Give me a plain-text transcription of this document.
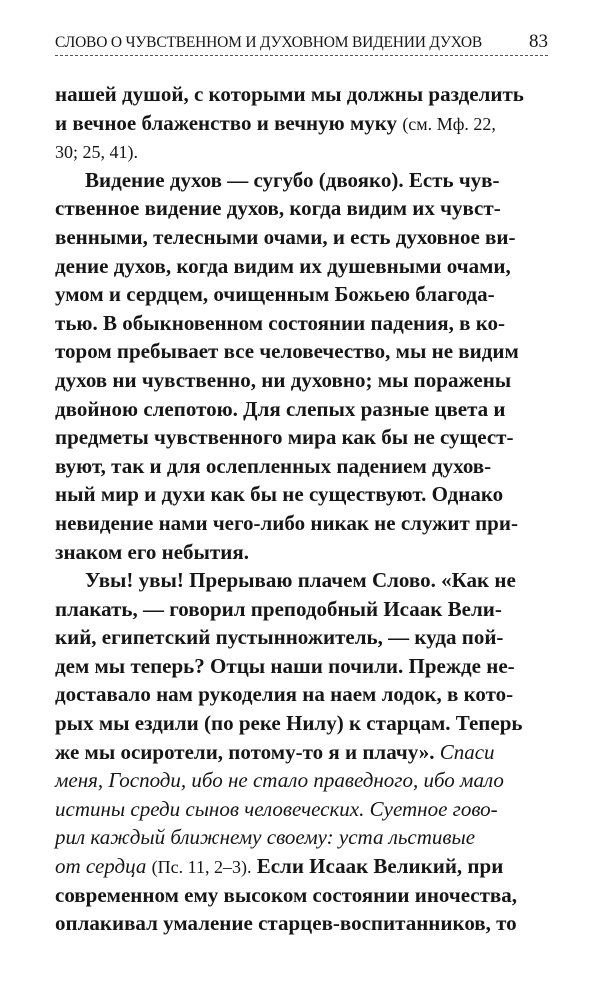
СЛОВО О ЧУВСТВЕННОМ И ДУХОВНОМ ВИДЕНИИ ДУХОВ 83
нашей душой, с которыми мы должны разделить
и вечное блаженство и вечную муку (см. Мф. 22,
30; 25, 41).
Видение духов — сугубо (двояко). Есть чув-
ственное видение духов, когда видим их чувст-
венными, телесными очами, и есть духовное ви-
дение духов, когда видим их душевными очами,
умом и сердцем, очищенным Божьею благода-
тью. В обыкновенном состоянии падения, в ко-
тором пребывает все человечество, мы не видим
духов ни чувственно, ни духовно; мы поражены
двойною слепотою. Для слепых разные цвета и
предметы чувственного мира как бы не сущест-
вуют, так и для ослепленных падением духов-
ный мир и духи как бы не существуют. Однако
невидение нами чего-либо никак не служит при-
знаком его небытия.
Увы! увы! Прерываю плачем Слово. «Как не
плакать, — говорил преподобный Исаак Вели-
кий, египетский пустынножитель, — куда пой-
дем мы теперь? Отцы наши почили. Прежде не-
доставало нам рукоделия на наем лодок, в кото-
рых мы ездили (по реке Нилу) к старцам. Теперь
же мы осиротели, потому-то я и плачу». Спаси
меня, Господи, ибо не стало праведного, ибо мало
истины среди сынов человеческих. Суетное гово-
рил каждый ближнему своему: уста льстивые
от сердца (Пс. 11, 2–3). Если Исаак Великий, при
современном ему высоком состоянии иночества,
оплакивал умаление старцев-воспитанников, то
